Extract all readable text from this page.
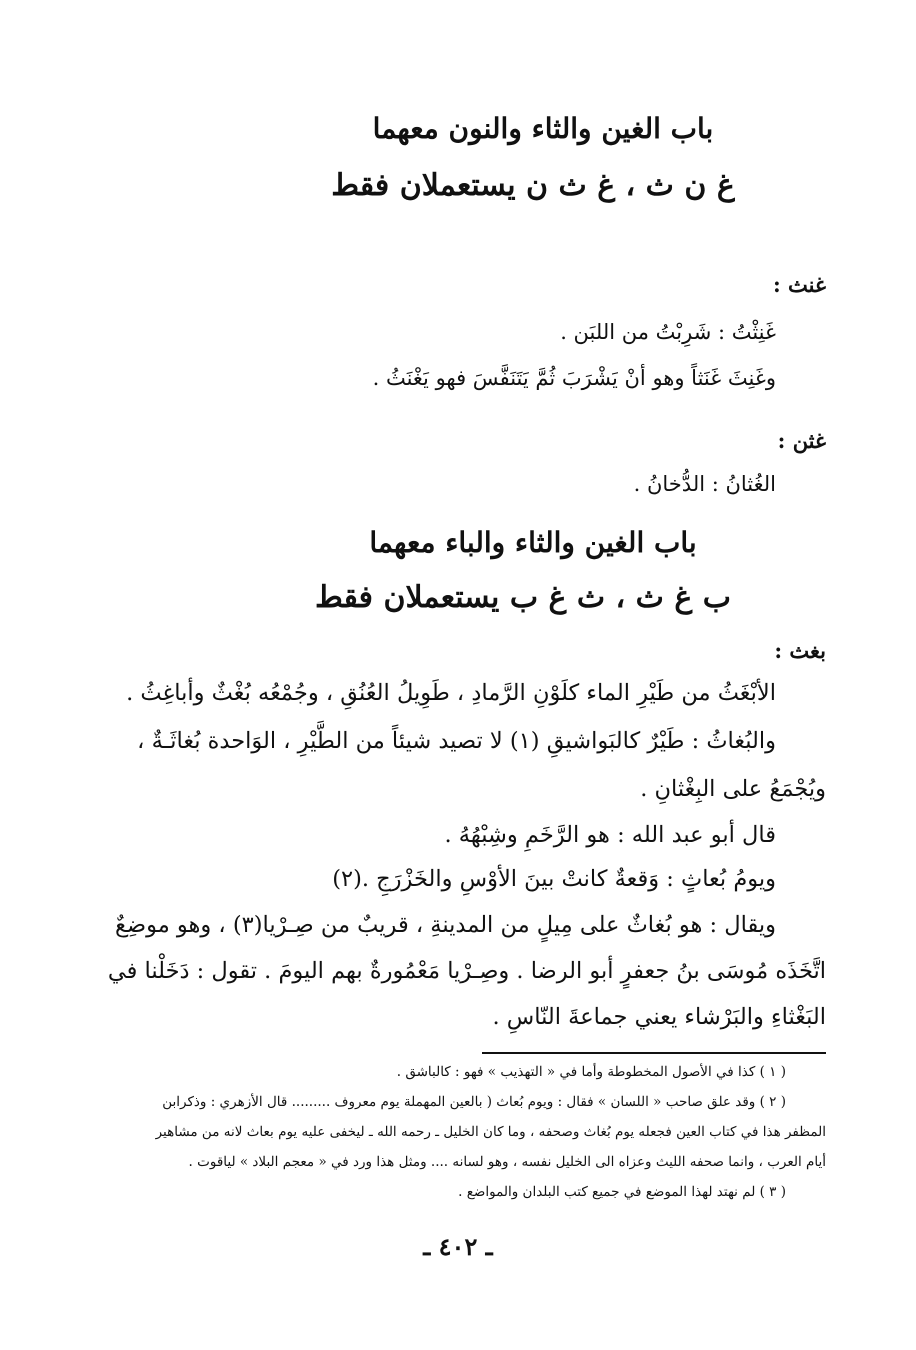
باب الغين والثاء والنون معهما
غ ن ث ، غ ث ن يستعملان فقط
غنث :
غَنِثْتُ : شَرِبْتُ من اللبَن .
وغَنِثَ غَنَثاً وهو أنْ يَشْرَبَ ثُمَّ يَتَنَفَّسَ فهو يَغْنَثُ .
غثن :
الغُثانُ : الدُّخانُ .
باب الغين والثاء والباء معهما
ب غ ث ، ث غ ب يستعملان فقط
بغث :
الأبْغَثُ من طَيْرِ الماء كلَوْنِ الرَّمادِ ، طَوِيلُ العُنُقِ ، وجُمْعُه بُغْثٌ وأباغِثُ .
والبُغاثُ : طَيْرٌ كالبَواشيقِ (١) لا تصيد شيئاً من الطَّيْرِ ، الوَاحدة بُغاثَـةٌ ،
ويُجْمَعُ على البِغْثانِ .
قال أبو عبد الله : هو الرَّخَمِ وشِبْهُهُ .
ويومُ بُعاثٍ : وَقعةٌ كانتْ بينَ الأوْسِ والخَزْرَجِ .(٢)
ويقال : هو بُغاثٌ على مِيلٍ من المدينةِ ، قريبٌ من صِـرْيا(٣) ، وهو موضِعٌ
اتَّخَذَه مُوسَى بنُ جعفرٍ أبو الرضا . وصِـرْيا مَعْمُورةٌ بهم اليومَ . تقول : دَخَلْنا في
البَغْثاءِ والبَرْشاء يعني جماعةَ النّاسِ .
( ١ ) كذا في الأصول المخطوطة وأما في « التهذيب » فهو : كالباشق .
( ٢ ) وقد علق صاحب « اللسان » فقال : ويوم بُعاث ( بالعين المهملة يوم معروف ......... قال الأزهري : وذكرابن
المظفر هذا في كتاب العين فجعله يوم بُغاث وصحفه ، وما كان الخليل ـ رحمه الله ـ ليخفى عليه يوم بعاث لانه من مشاهير
أيام العرب ، وانما صحفه الليث وعزاه الى الخليل نفسه ، وهو لسانه .... ومثل هذا ورد في « معجم البلاد » لياقوت .
( ٣ ) لم نهتد لهذا الموضع في جميع كتب البلدان والمواضع .
ـ ٤٠٢ ـ
